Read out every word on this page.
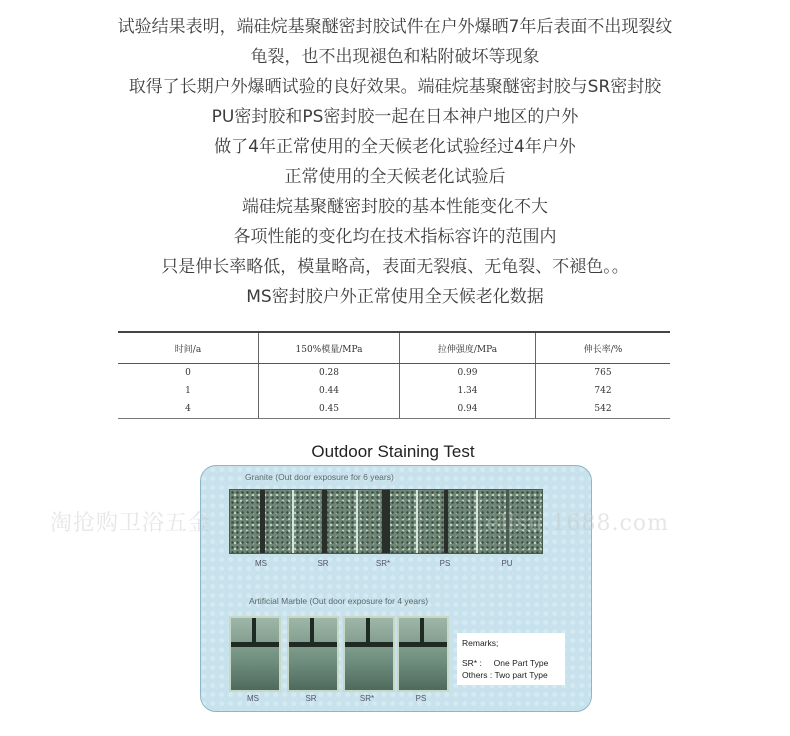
试验结果表明，端硅烷基聚醚密封胶试件在户外爆晒7年后表面不出现裂纹
龟裂，也不出现褪色和粘附破坏等现象
取得了长期户外爆晒试验的良好效果。端硅烷基聚醚密封胶与SR密封胶
PU密封胶和PS密封胶一起在日本神户地区的户外
做了4年正常使用的全天候老化试验经过4年户外
正常使用的全天候老化试验后
端硅烷基聚醚密封胶的基本性能变化不大
各项性能的变化均在技术指标容许的范围内
只是伸长率略低，模量略高，表面无裂痕、无龟裂、不褪色。。
MS密封胶户外正常使用全天候老化数据
时间/a	150%模量/MPa	拉伸强度/MPa	伸长率/%
0	0.28	0.99	765
1	0.44	1.34	742
4	0.45	0.94	542
Outdoor Staining Test
Granite (Out door exposure for 6 years)
MS	SR	SR*	PS	PU
Artificial Marble (Out door exposure for 4 years)
MS	SR	SR*	PS
Remarks;
SR* : One Part Type
Others : Two part Type
淘抢购卫浴五金	ellsu.1688.com
